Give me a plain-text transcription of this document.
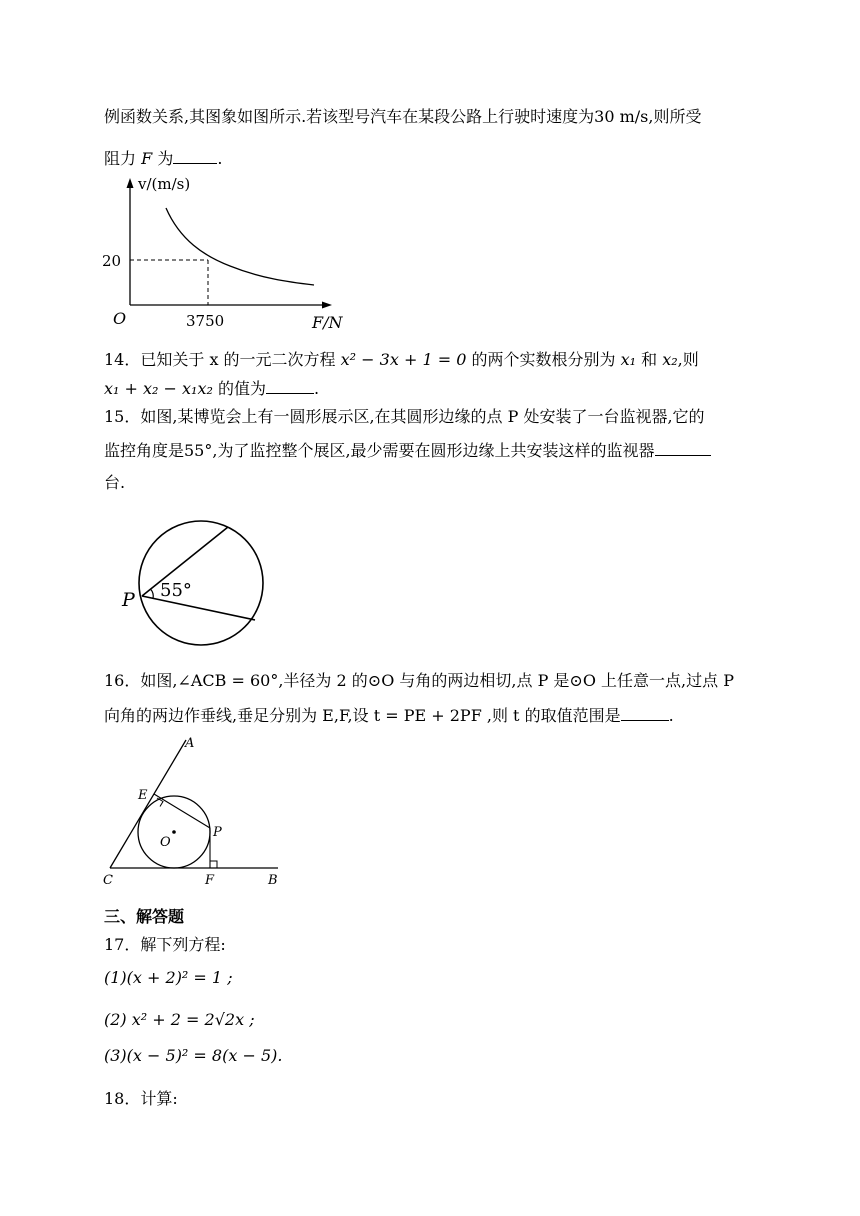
例函数关系,其图象如图所示.若该型号汽车在某段公路上行驶时速度为30 m/s,则所受
阻力 F 为	.
v/(m/s)
20
O	3750	F/N
14．已知关于 x 的一元二次方程 x² − 3x + 1 = 0 的两个实数根分别为 x₁ 和 x₂,则
x₁ + x₂ − x₁x₂ 的值为	.
15．如图,某博览会上有一圆形展示区,在其圆形边缘的点 P 处安装了一台监视器,它的
监控角度是55°,为了监控整个展区,最少需要在圆形边缘上共安装这样的监视器
台.
P 55°
16．如图,∠ACB = 60°,半径为 2 的⊙O 与角的两边相切,点 P 是⊙O 上任意一点,过点 P
向角的两边作垂线,垂足分别为 E,F,设 t = PE + 2PF ,则 t 的取值范围是	.
A
E
O
P
C	F	B
三、解答题
17．解下列方程:
(1)(x + 2)² = 1 ;
(2) x² + 2 = 2√2x ;
(3)(x − 5)² = 8(x − 5).
18．计算:
